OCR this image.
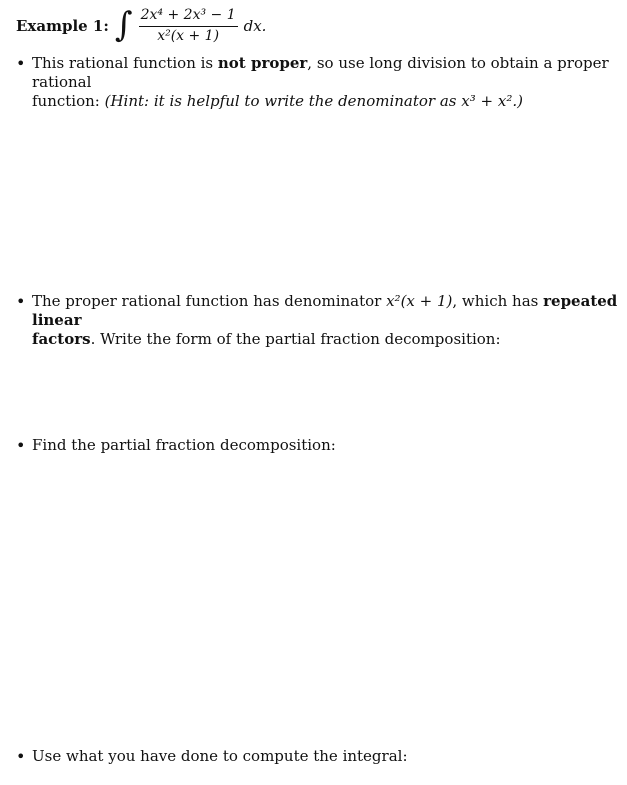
Example 1: ∫ $\frac{\text{2x⁴ + 2x³ − 1}}{\text{x²(x + 1)}}$ dx.
• This rational function is not proper, so use long division to obtain a proper rational
function: (Hint: it is helpful to write the denominator as x³ + x².)
• The proper rational function has denominator x²(x + 1), which has repeated linear
factors. Write the form of the partial fraction decomposition:
• Find the partial fraction decomposition:
• Use what you have done to compute the integral:
